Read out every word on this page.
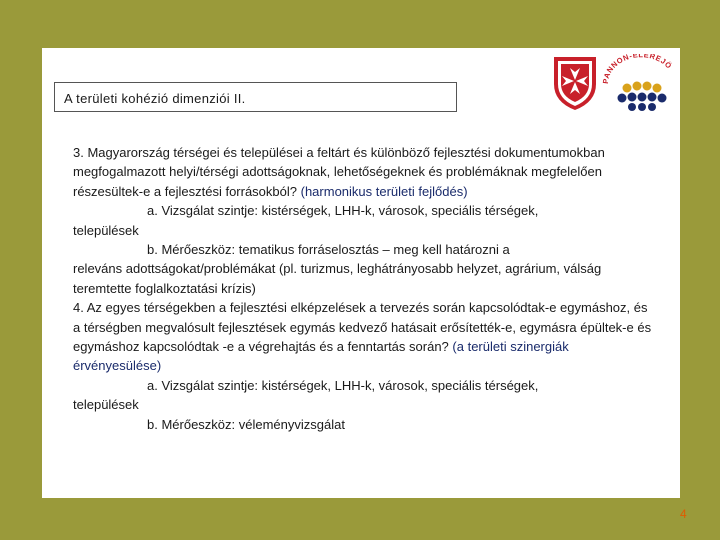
A területi kohézió dimenziói II.
PANNON-ELEREJÖ

3. Magyarország térségei és települései a feltárt és különböző fejlesztési dokumentumokban megfogalmazott helyi/térségi adottságoknak, lehetőségeknek és problémáknak megfelelően részesültek-e a fejlesztési forrásokból? (harmonikus területi fejlődés)

a. Vizsgálat szintje: kistérségek, LHH-k, városok, speciális térségek,

települések

b. Mérőeszköz: tematikus forráselosztás – meg kell határozni a

releváns adottságokat/problémákat (pl. turizmus, leghátrányosabb helyzet, agrárium, válság teremtette foglalkoztatási krízis)

4. Az egyes térségekben a fejlesztési elképzelések a tervezés során kapcsolódtak-e egymáshoz, és a térségben megvalósult fejlesztések egymás kedvező hatásait erősítették-e, egymásra épültek-e és egymáshoz kapcsolódtak -e a végrehajtás és a fenntartás során? (a területi szinergiák érvényesülése)

a. Vizsgálat szintje: kistérségek, LHH-k, városok, speciális térségek,

települések

b. Mérőeszköz: véleményvizsgálat

4
